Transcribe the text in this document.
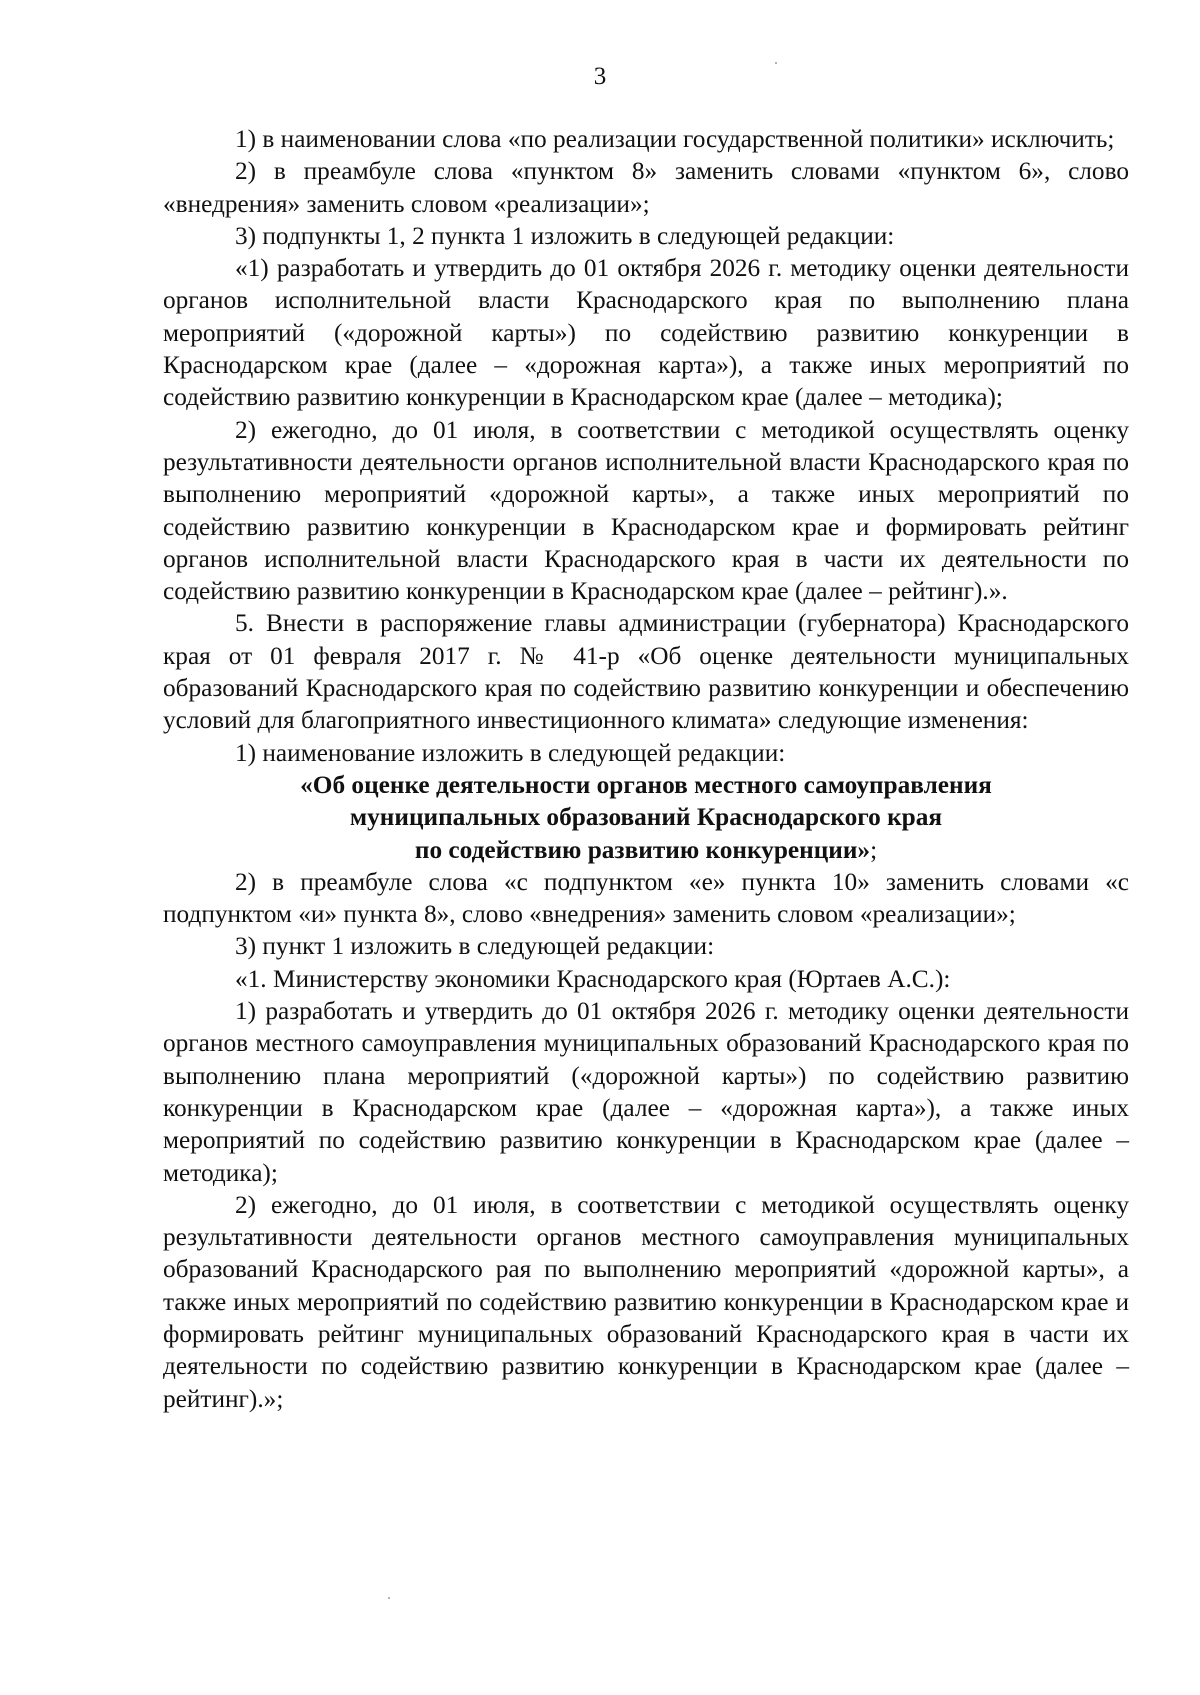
3

1) в наименовании слова «по реализации государственной политики» исключить;

2) в преамбуле слова «пунктом 8» заменить словами «пунктом 6», слово «внедрения» заменить словом «реализации»;

3) подпункты 1, 2 пункта 1 изложить в следующей редакции:

«1) разработать и утвердить до 01 октября 2026 г. методику оценки деятельности органов исполнительной власти Краснодарского края по выполнению плана мероприятий («дорожной карты») по содействию развитию конкуренции в Краснодарском крае (далее – «дорожная карта»), а также иных мероприятий по содействию развитию конкуренции в Краснодарском крае (далее – методика);

2) ежегодно, до 01 июля, в соответствии с методикой осуществлять оценку результативности деятельности органов исполнительной власти Краснодарского края по выполнению мероприятий «дорожной карты», а также иных мероприятий по содействию развитию конкуренции в Краснодарском крае и формировать рейтинг органов исполнительной власти Краснодарского края в части их деятельности по содействию развитию конкуренции в Краснодарском крае (далее – рейтинг).».

5. Внести в распоряжение главы администрации (губернатора) Краснодарского края от 01 февраля 2017 г. № 41-р «Об оценке деятельности муниципальных образований Краснодарского края по содействию развитию конкуренции и обеспечению условий для благоприятного инвестиционного климата» следующие изменения:

1) наименование изложить в следующей редакции:

«Об оценке деятельности органов местного самоуправления
муниципальных образований Краснодарского края
по содействию развитию конкуренции»;

2) в преамбуле слова «с подпунктом «е» пункта 10» заменить словами «с подпунктом «и» пункта 8», слово «внедрения» заменить словом «реализации»;

3) пункт 1 изложить в следующей редакции:

«1. Министерству экономики Краснодарского края (Юртаев А.С.):

1) разработать и утвердить до 01 октября 2026 г. методику оценки деятельности органов местного самоуправления муниципальных образований Краснодарского края по выполнению плана мероприятий («дорожной карты») по содействию развитию конкуренции в Краснодарском крае (далее – «дорожная карта»), а также иных мероприятий по содействию развитию конкуренции в Краснодарском крае (далее – методика);

2) ежегодно, до 01 июля, в соответствии с методикой осуществлять оценку результативности деятельности органов местного самоуправления муниципальных образований Краснодарского рая по выполнению мероприятий «дорожной карты», а также иных мероприятий по содействию развитию конкуренции в Краснодарском крае и формировать рейтинг муниципальных образований Краснодарского края в части их деятельности по содействию развитию конкуренции в Краснодарском крае (далее – рейтинг).»;
